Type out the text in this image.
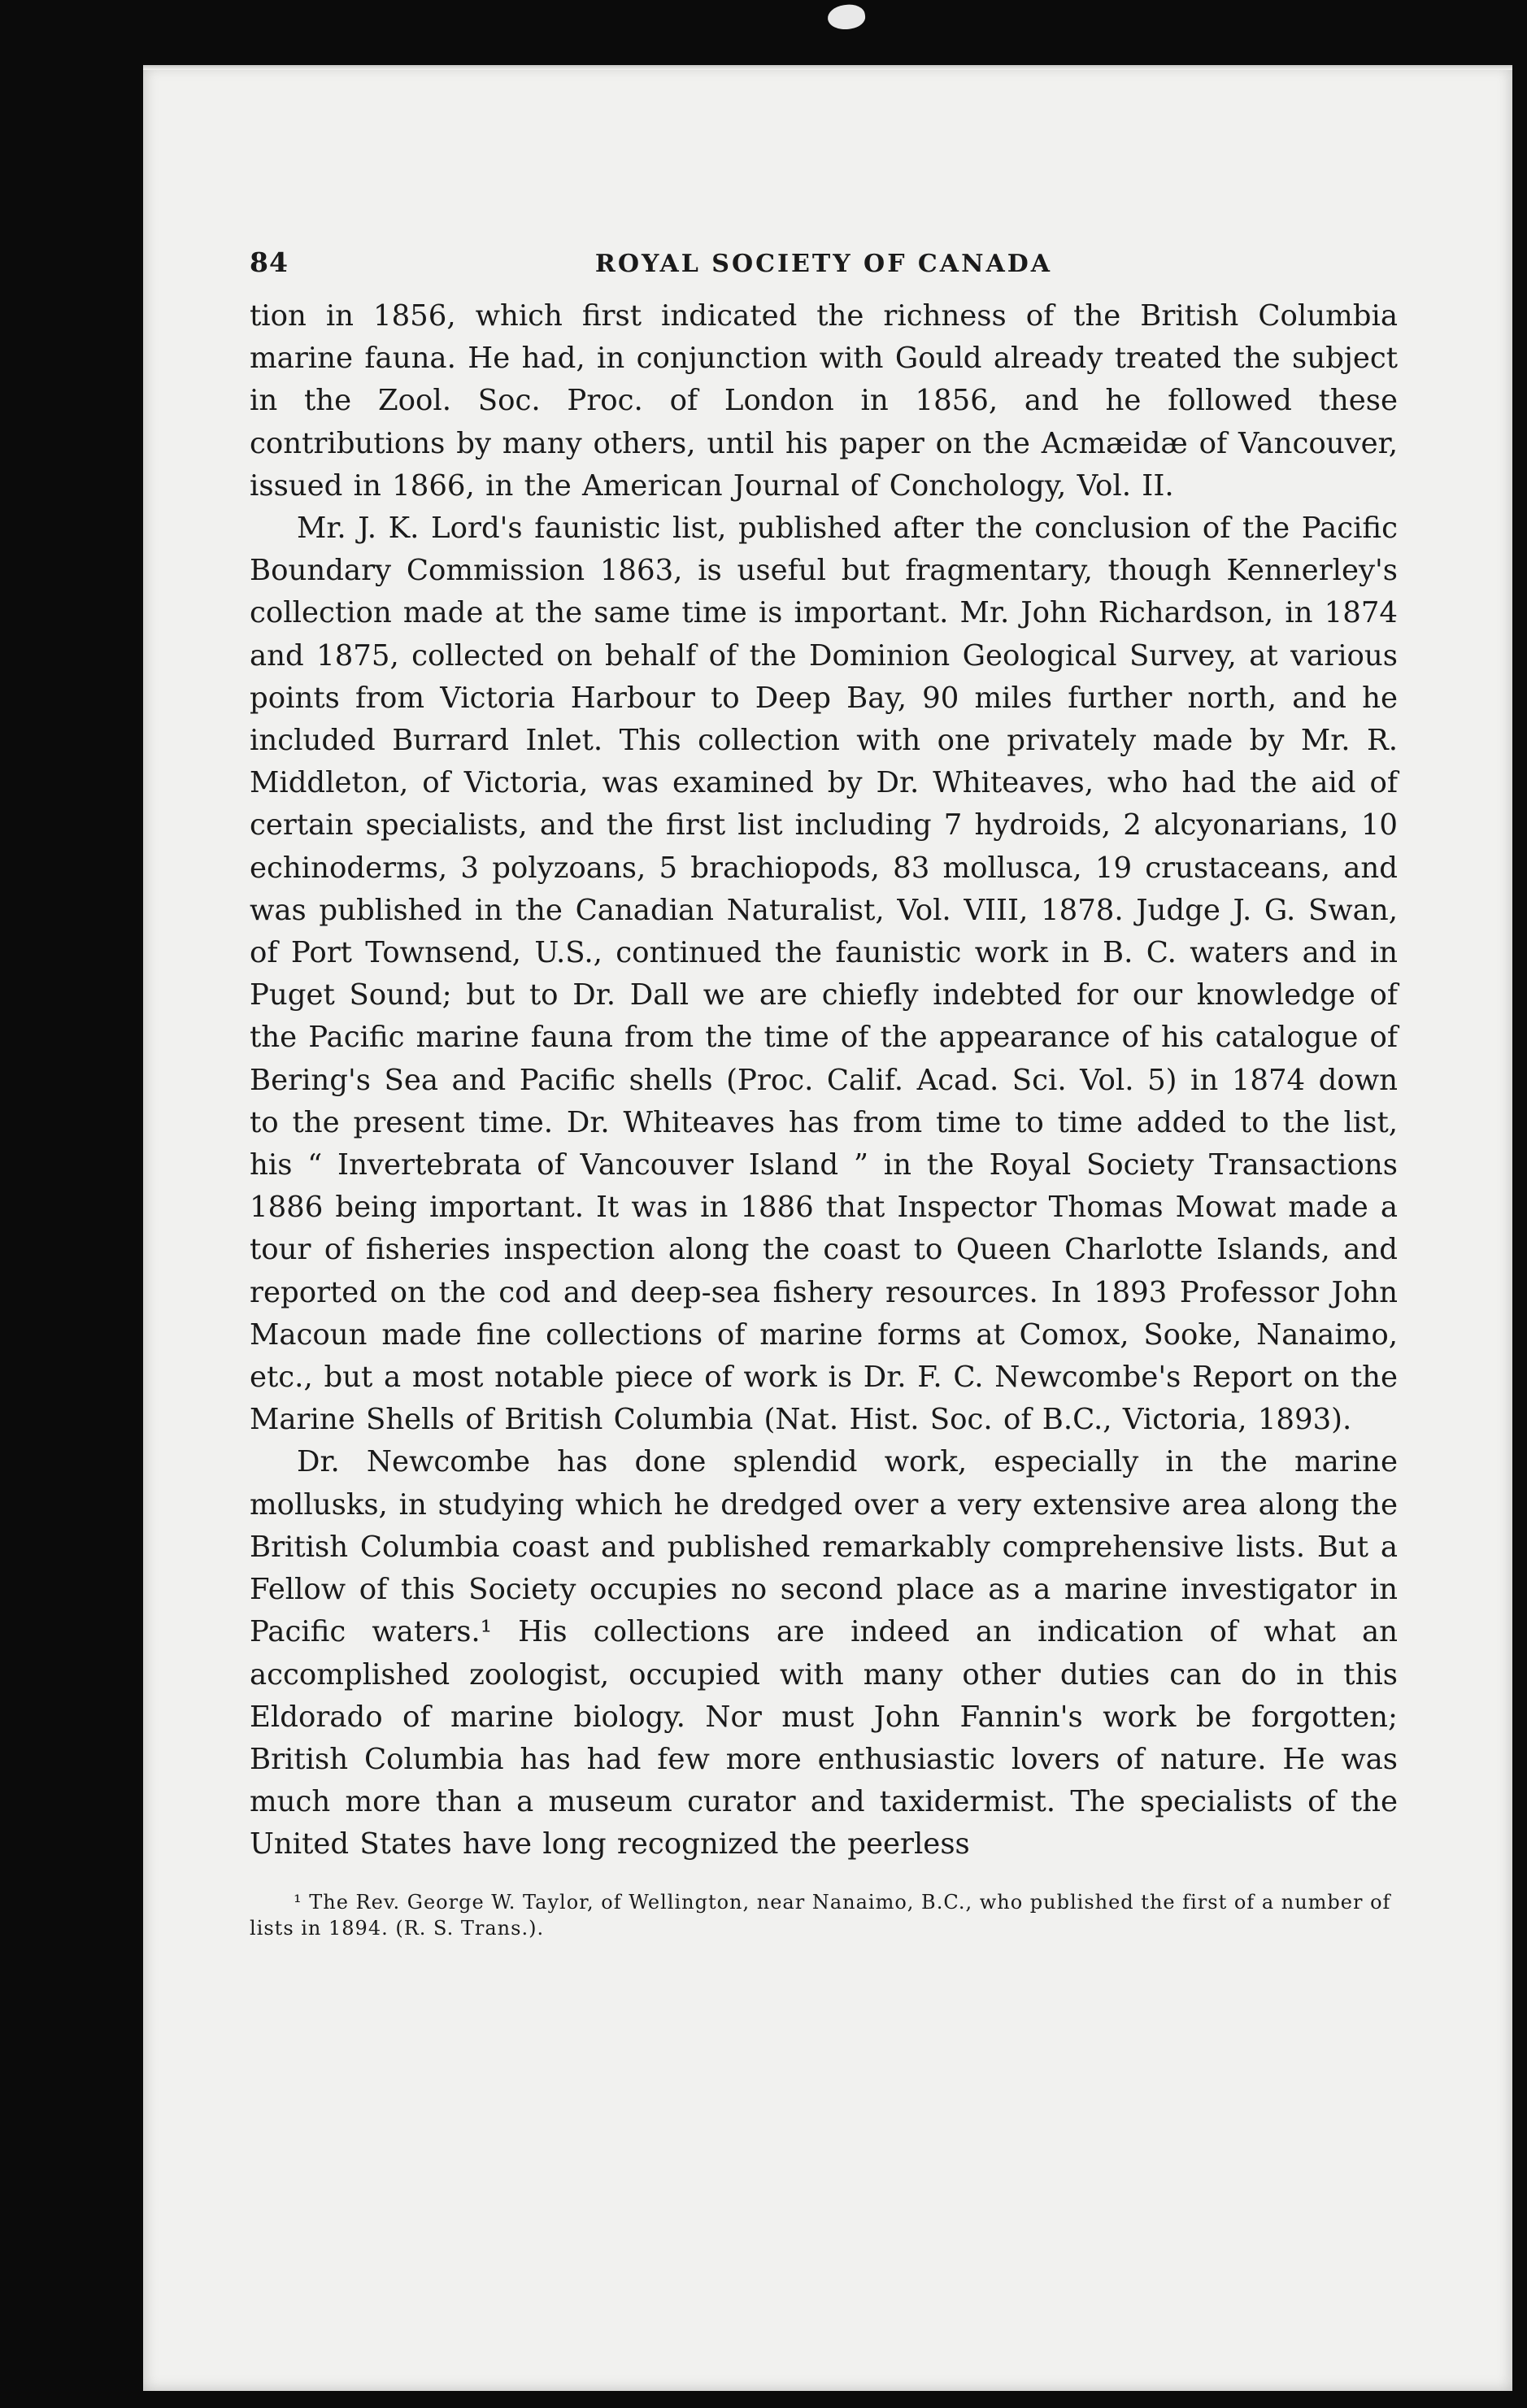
84	ROYAL SOCIETY OF CANADA

tion in 1856, which first indicated the richness of the British Columbia marine fauna. He had, in conjunction with Gould already treated the subject in the Zool. Soc. Proc. of London in 1856, and he followed these contributions by many others, until his paper on the Acmæidæ of Vancouver, issued in 1866, in the American Journal of Conchology, Vol. II.

Mr. J. K. Lord's faunistic list, published after the conclusion of the Pacific Boundary Commission 1863, is useful but fragmentary, though Kennerley's collection made at the same time is important. Mr. John Richardson, in 1874 and 1875, collected on behalf of the Dominion Geological Survey, at various points from Victoria Harbour to Deep Bay, 90 miles further north, and he included Burrard Inlet. This collection with one privately made by Mr. R. Middleton, of Victoria, was examined by Dr. Whiteaves, who had the aid of certain specialists, and the first list including 7 hydroids, 2 alcyonarians, 10 echinoderms, 3 polyzoans, 5 brachiopods, 83 mollusca, 19 crustaceans, and was published in the Canadian Naturalist, Vol. VIII, 1878. Judge J. G. Swan, of Port Townsend, U.S., continued the faunistic work in B. C. waters and in Puget Sound; but to Dr. Dall we are chiefly indebted for our knowledge of the Pacific marine fauna from the time of the appearance of his catalogue of Bering's Sea and Pacific shells (Proc. Calif. Acad. Sci. Vol. 5) in 1874 down to the present time. Dr. Whiteaves has from time to time added to the list, his “ Invertebrata of Vancouver Island ” in the Royal Society Transactions 1886 being important. It was in 1886 that Inspector Thomas Mowat made a tour of fisheries inspection along the coast to Queen Charlotte Islands, and reported on the cod and deep-sea fishery resources. In 1893 Professor John Macoun made fine collections of marine forms at Comox, Sooke, Nanaimo, etc., but a most notable piece of work is Dr. F. C. Newcombe's Report on the Marine Shells of British Columbia (Nat. Hist. Soc. of B.C., Victoria, 1893).

Dr. Newcombe has done splendid work, especially in the marine mollusks, in studying which he dredged over a very extensive area along the British Columbia coast and published remarkably comprehensive lists. But a Fellow of this Society occupies no second place as a marine investigator in Pacific waters.¹ His collections are indeed an indication of what an accomplished zoologist, occupied with many other duties can do in this Eldorado of marine biology. Nor must John Fannin's work be forgotten; British Columbia has had few more enthusiastic lovers of nature. He was much more than a museum curator and taxidermist. The specialists of the United States have long recognized the peerless

¹ The Rev. George W. Taylor, of Wellington, near Nanaimo, B.C., who published the first of a number of lists in 1894. (R. S. Trans.).
